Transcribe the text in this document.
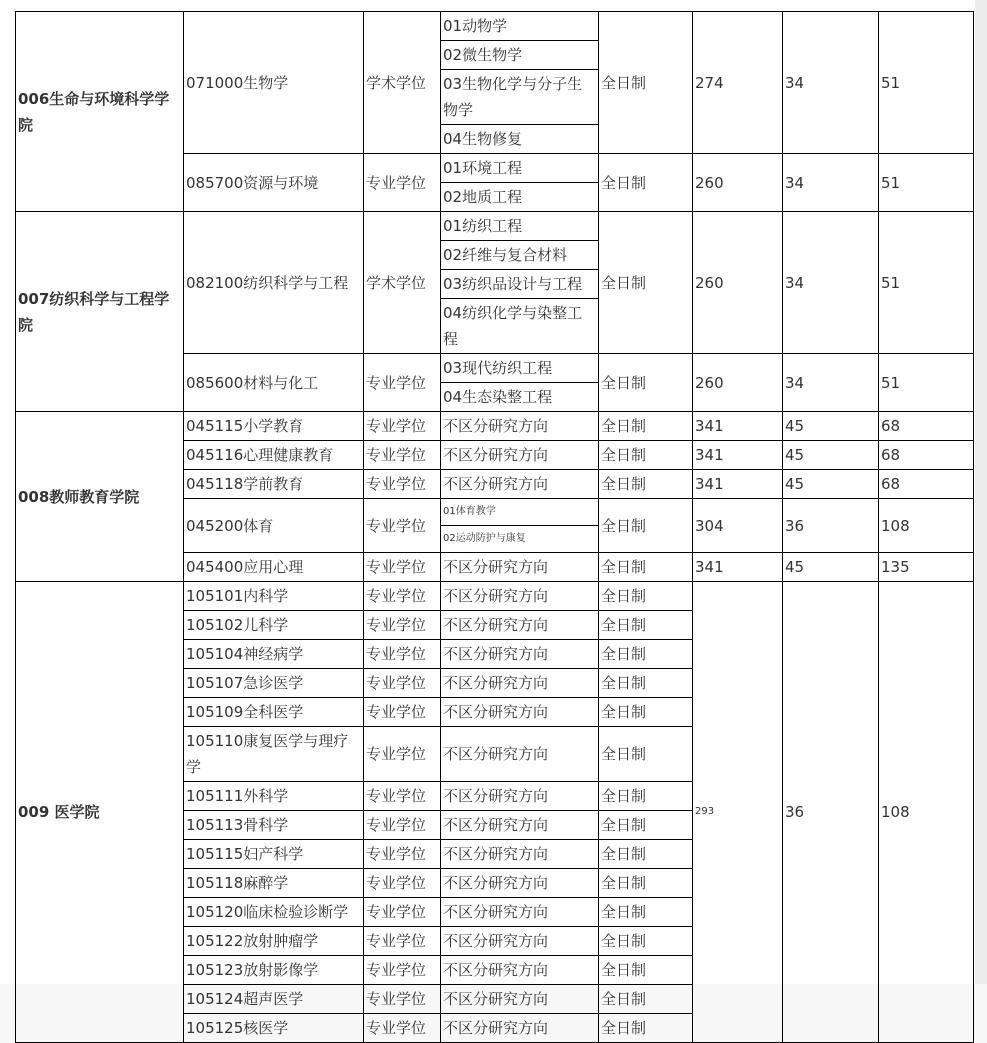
006生命与环境科学学院	071000生物学	学术学位	01动物学	全日制	274	34	51
			02微生物学				
			03生物化学与分子生物学				
			04生物修复				
	085700资源与环境	专业学位	01环境工程	全日制	260	34	51
			02地质工程				
007纺织科学与工程学院	082100纺织科学与工程	学术学位	01纺织工程	全日制	260	34	51
			02纤维与复合材料				
			03纺织品设计与工程				
			04纺织化学与染整工程				
	085600材料与化工	专业学位	03现代纺织工程	全日制	260	34	51
			04生态染整工程				
008教师教育学院	045115小学教育	专业学位	不区分研究方向	全日制	341	45	68
	045116心理健康教育	专业学位	不区分研究方向	全日制	341	45	68
	045118学前教育	专业学位	不区分研究方向	全日制	341	45	68
	045200体育	专业学位	01体育教学	全日制	304	36	108
			02运动防护与康复				
	045400应用心理	专业学位	不区分研究方向	全日制	341	45	135
009 医学院	105101内科学	专业学位	不区分研究方向	全日制	293	36	108
	105102儿科学	专业学位	不区分研究方向	全日制			
	105104神经病学	专业学位	不区分研究方向	全日制			
	105107急诊医学	专业学位	不区分研究方向	全日制			
	105109全科医学	专业学位	不区分研究方向	全日制			
	105110康复医学与理疗学	专业学位	不区分研究方向	全日制			
	105111外科学	专业学位	不区分研究方向	全日制			
	105113骨科学	专业学位	不区分研究方向	全日制			
	105115妇产科学	专业学位	不区分研究方向	全日制			
	105118麻醉学	专业学位	不区分研究方向	全日制			
	105120临床检验诊断学	专业学位	不区分研究方向	全日制			
	105122放射肿瘤学	专业学位	不区分研究方向	全日制			
	105123放射影像学	专业学位	不区分研究方向	全日制			
	105124超声医学	专业学位	不区分研究方向	全日制			
	105125核医学	专业学位	不区分研究方向	全日制			
